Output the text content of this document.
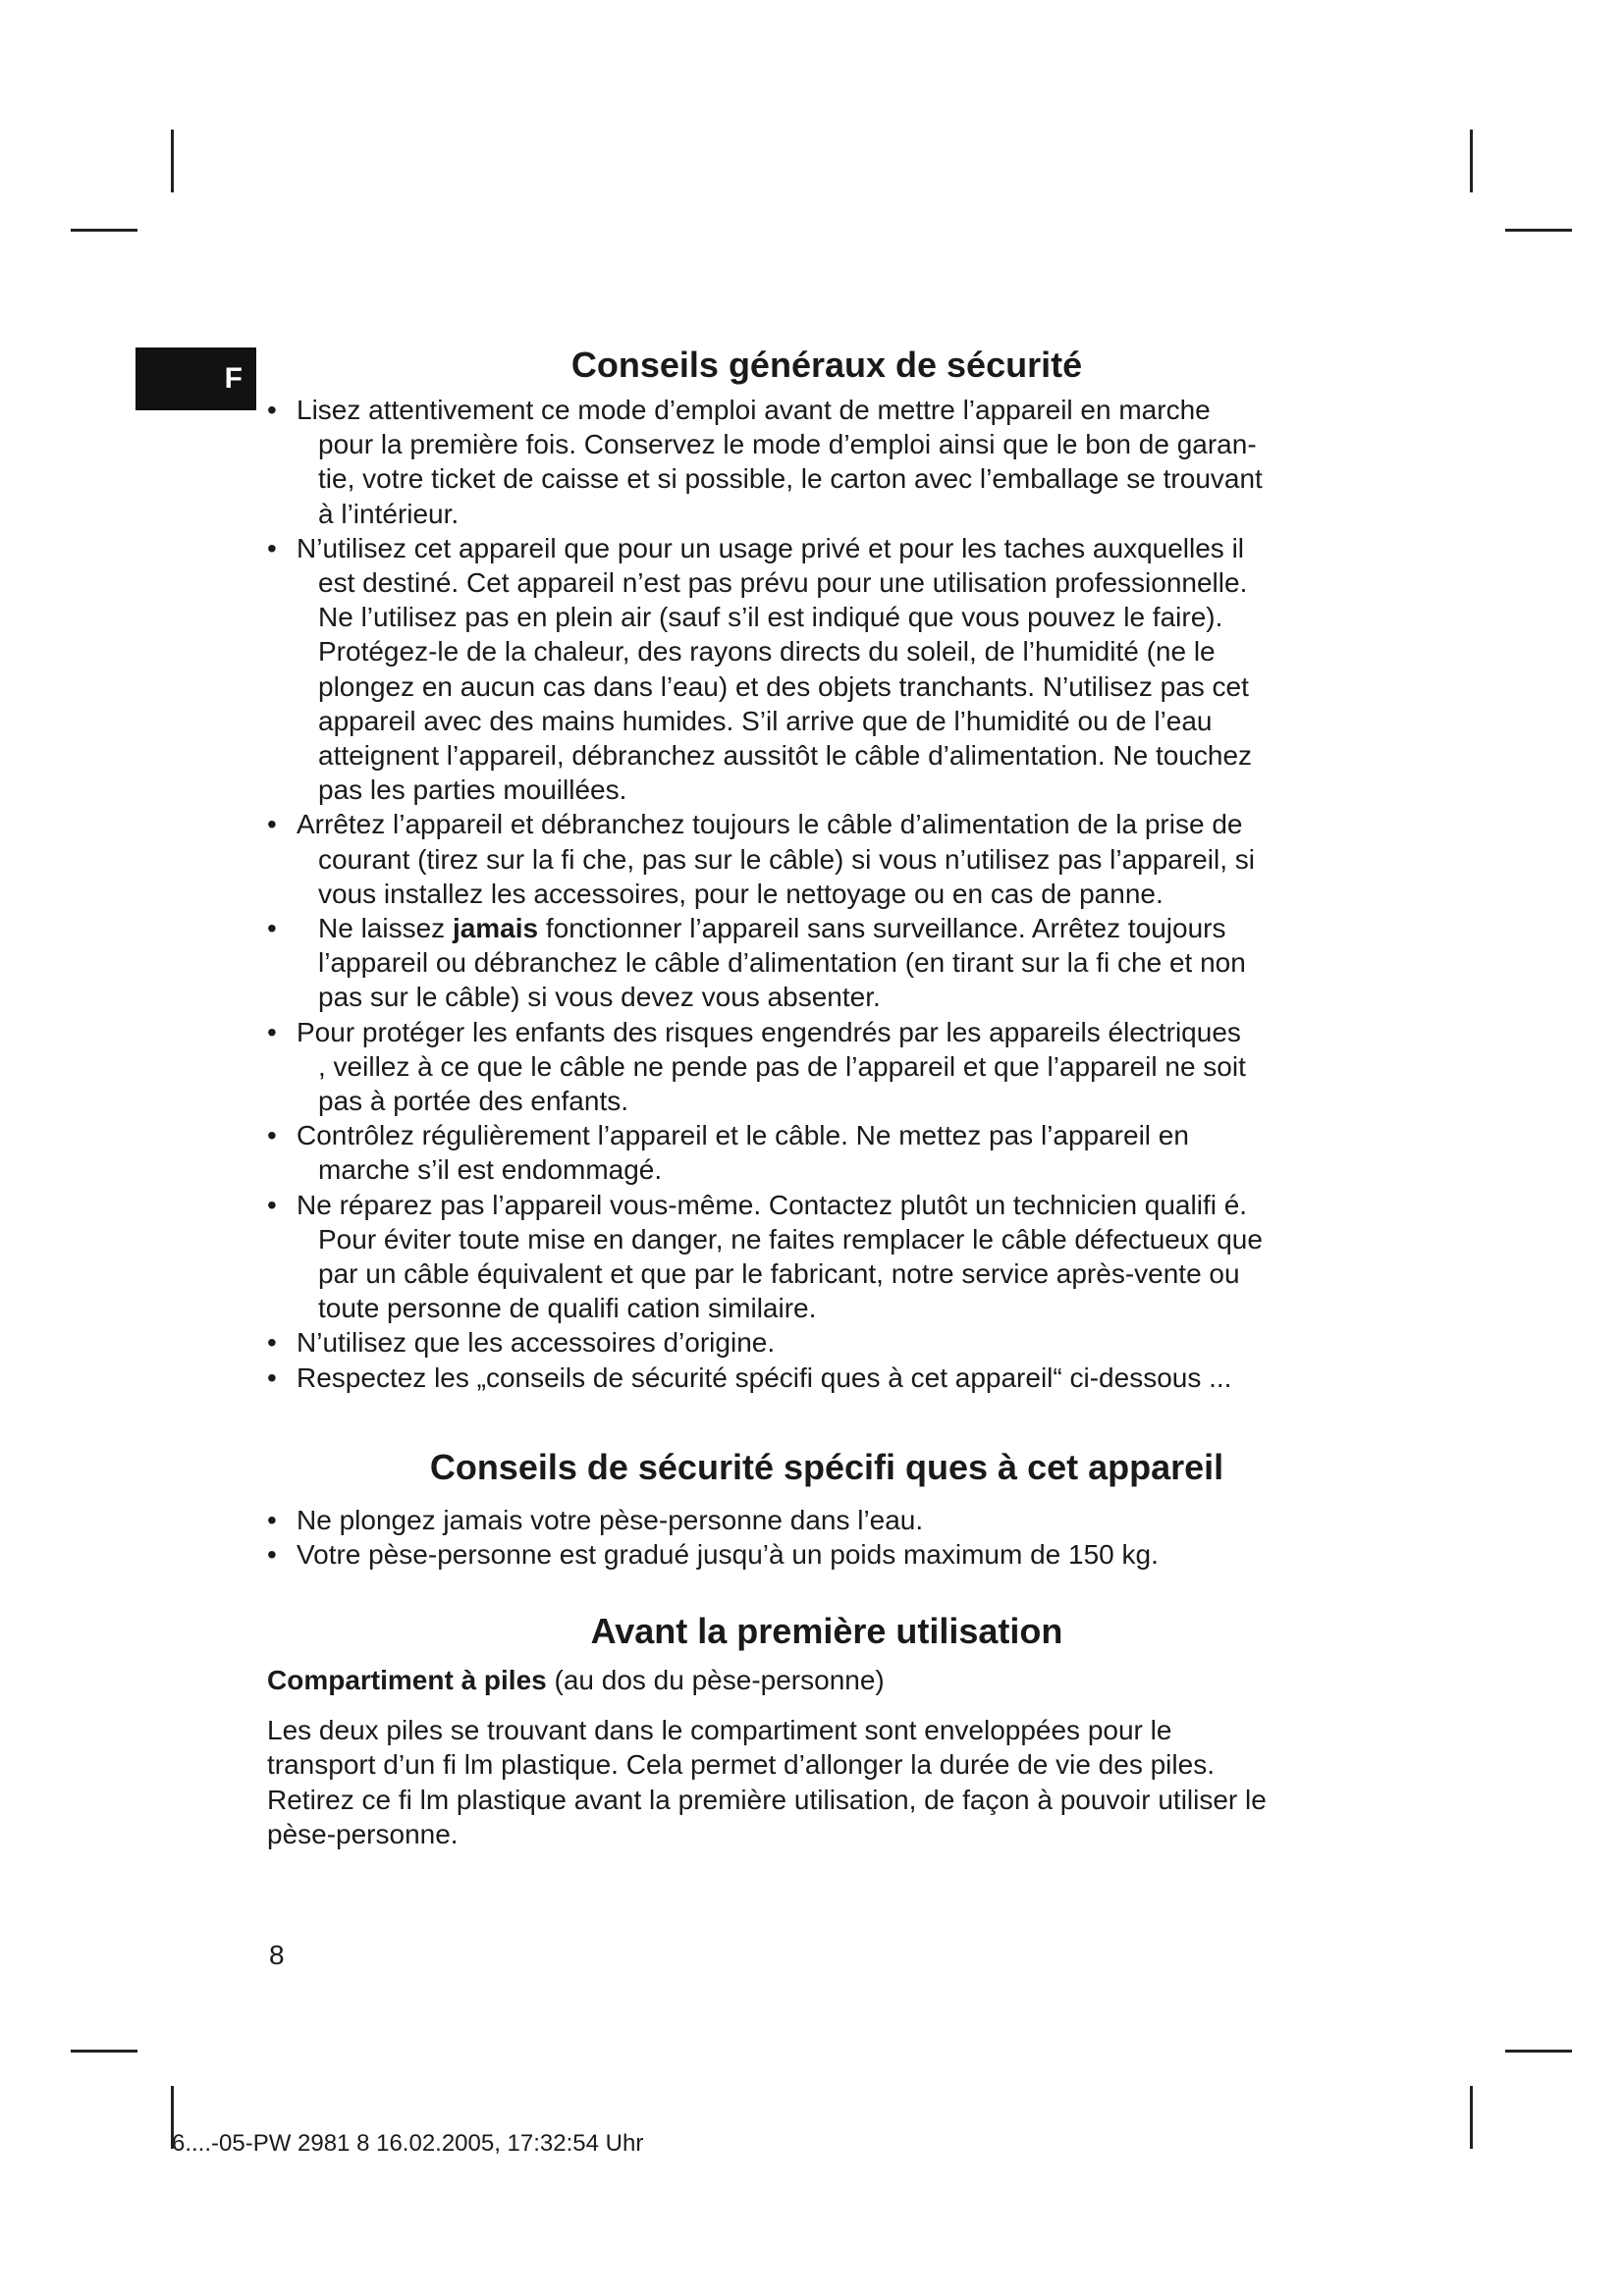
F	Conseils généraux de sécurité
• Lisez attentivement ce mode d’emploi avant de mettre l’appareil en marche
pour la première fois. Conservez le mode d’emploi ainsi que le bon de garan-
tie, votre ticket de caisse et si possible, le carton avec l’emballage se trouvant
à l’intérieur.
• N’utilisez cet appareil que pour un usage privé et pour les taches auxquelles il
est destiné. Cet appareil n’est pas prévu pour une utilisation professionnelle.
Ne l’utilisez pas en plein air (sauf s’il est indiqué que vous pouvez le faire).
Protégez-le de la chaleur, des rayons directs du soleil, de l’humidité (ne le
plongez en aucun cas dans l’eau) et des objets tranchants. N’utilisez pas cet
appareil avec des mains humides. S’il arrive que de l’humidité ou de l’eau
atteignent l’appareil, débranchez aussitôt le câble d’alimentation. Ne touchez
pas les parties mouillées.
• Arrêtez l’appareil et débranchez toujours le câble d’alimentation de la prise de
courant (tirez sur la fi che, pas sur le câble) si vous n’utilisez pas l’appareil, si
vous installez les accessoires, pour le nettoyage ou en cas de panne.
•	Ne laissez jamais fonctionner l’appareil sans surveillance. Arrêtez toujours
l’appareil ou débranchez le câble d’alimentation (en tirant sur la fi che et non
pas sur le câble) si vous devez vous absenter.
• Pour protéger les enfants des risques engendrés par les appareils électriques
, veillez à ce que le câble ne pende pas de l’appareil et que l’appareil ne soit
pas à portée des enfants.
• Contrôlez régulièrement l’appareil et le câble. Ne mettez pas l’appareil en
marche s’il est endommagé.
• Ne réparez pas l’appareil vous-même. Contactez plutôt un technicien qualifi é.
Pour éviter toute mise en danger, ne faites remplacer le câble défectueux que
par un câble équivalent et que par le fabricant, notre service après-vente ou
toute personne de qualifi cation similaire.
• N’utilisez que les accessoires d’origine.
• Respectez les „conseils de sécurité spécifi ques à cet appareil“ ci-dessous ...
Conseils de sécurité spécifi ques à cet appareil
• Ne plongez jamais votre pèse-personne dans l’eau.
• Votre pèse-personne est gradué jusqu’à un poids maximum de 150 kg.
Avant la première utilisation

Compartiment à piles (au dos du pèse-personne)

Les deux piles se trouvant dans le compartiment sont enveloppées pour le

transport d’un fi lm plastique. Cela permet d’allonger la durée de vie des piles.

Retirez ce fi lm plastique avant la première utilisation, de façon à pouvoir utiliser le

pèse-personne.

8
6....-05-PW 2981 8 16.02.2005, 17:32:54 Uhr
